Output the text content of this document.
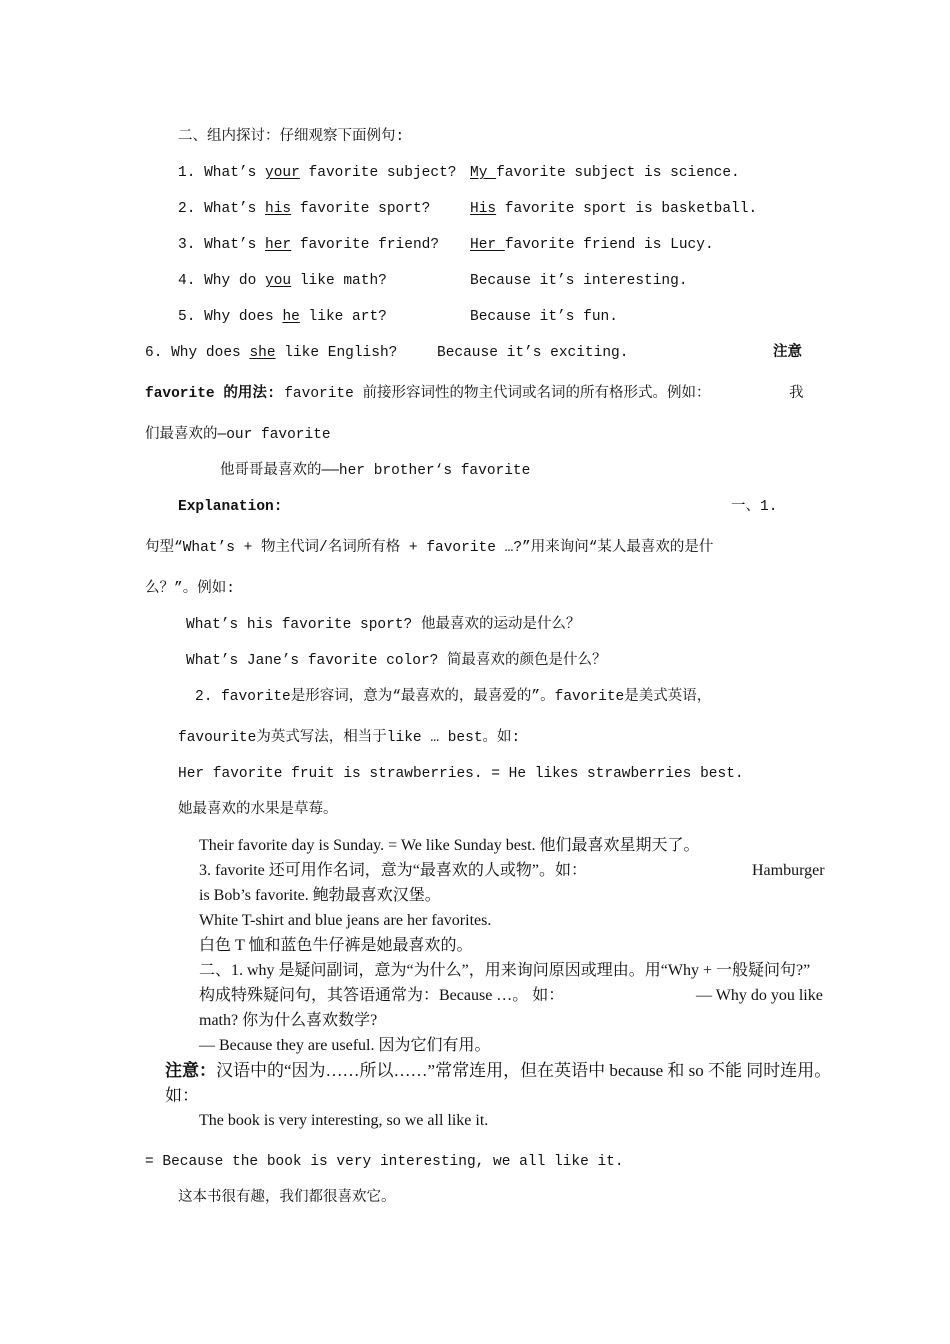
二、组内探讨：仔细观察下面例句:
1. What’s your favorite subject? My favorite subject is science.
2. What’s his favorite sport?	His favorite sport is basketball.
3. What’s her favorite friend? Her favorite friend is Lucy.
4. Why do you like math?	Because it’s interesting.
5. Why does he like art?	Because it’s fun.
6. Why does she like English?	Because it’s exciting.	注意
favorite 的用法: favorite 前接形容词性的物主代词或名词的所有格形式。例如：	我
们最喜欢的—our favorite
他哥哥最喜欢的——her brother‘s favorite
Explanation:	一、1.
句型“What’s + 物主代词/名词所有格 + favorite …?”用来询问“某人最喜欢的是什
么？”。例如:
What’s his favorite sport? 他最喜欢的运动是什么？
What’s Jane’s favorite color? 简最喜欢的颜色是什么？
2. favorite是形容词，意为“最喜欢的，最喜爱的”。favorite是美式英语，
favourite为英式写法，相当于like … best。如:
Her favorite fruit is strawberries. = He likes strawberries best.
她最喜欢的水果是草莓。
Their favorite day is Sunday. = We like Sunday best. 他们最喜欢星期天了。
3. favorite 还可用作名词，意为“最喜欢的人或物”。如：	Hamburger
is Bob’s favorite. 鲍勃最喜欢汉堡。
White T-shirt and blue jeans are her favorites.
白色 T 恤和蓝色牛仔裤是她最喜欢的。
二、1. why 是疑问副词，意为“为什么”，用来询问原因或理由。用“Why + 一般疑问句?”
构成特殊疑问句，其答语通常为：Because …。 如：	— Why do you like
math? 你为什么喜欢数学?
— Because they are useful. 因为它们有用。
注意：汉语中的“因为……所以……”常常连用，但在英语中 because 和 so 不能 同时连用。
如：
The book is very interesting, so we all like it.
= Because the book is very interesting, we all like it.
这本书很有趣，我们都很喜欢它。
